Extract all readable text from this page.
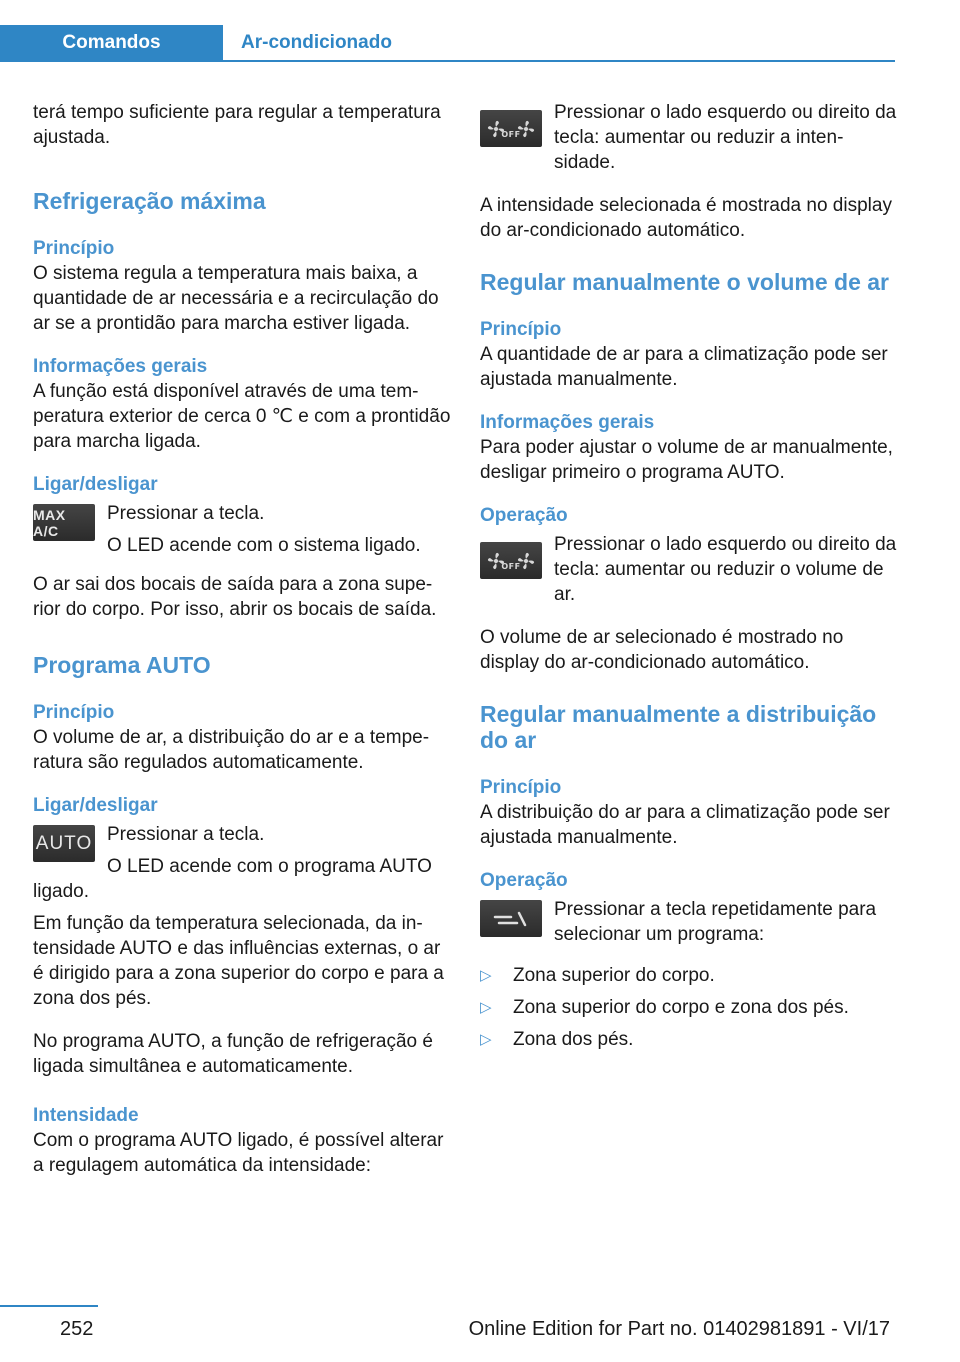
Comandos	Ar-condicionado

terá tempo suficiente para regular a temperatura ajustada.

Refrigeração máxima
Princípio

O sistema regula a temperatura mais baixa, a quantidade de ar necessária e a recirculação do ar se a prontidão para marcha estiver ligada.

Informações gerais

A função está disponível através de uma temperatura exterior de cerca 0 ℃ e com a prontidão para marcha ligada.

Ligar/desligar
MAX A/C

Pressionar a tecla.

O LED acende com o sistema ligado.

O ar sai dos bocais de saída para a zona superior do corpo. Por isso, abrir os bocais de saída.

Programa AUTO
Princípio

O volume de ar, a distribuição do ar e a temperatura são regulados automaticamente.

Ligar/desligar
AUTO Pressionar a tecla.

O LED acende com o programa AUTO ligado.

Em função da temperatura selecionada, da intensidade AUTO e das influências externas, o ar é dirigido para a zona superior do corpo e para a zona dos pés.

No programa AUTO, a função de refrigeração é ligada simultânea e automaticamente.

Intensidade

Com o programa AUTO ligado, é possível alterar a regulagem automática da intensidade:

OFF

Pressionar o lado esquerdo ou direito da tecla: aumentar ou reduzir a intensidade.

A intensidade selecionada é mostrada no display do ar-condicionado automático.

Regular manualmente o volume de ar
Princípio

A quantidade de ar para a climatização pode ser ajustada manualmente.

Informações gerais

Para poder ajustar o volume de ar manualmente, desligar primeiro o programa AUTO.

Operação
OFF

Pressionar o lado esquerdo ou direito da tecla: aumentar ou reduzir o volume de ar.

O volume de ar selecionado é mostrado no display do ar-condicionado automático.

Regular manualmente a distribuição do ar
Princípio

A distribuição do ar para a climatização pode ser ajustada manualmente.

Operação

Pressionar a tecla repetidamente para selecionar um programa:

▷ Zona superior do corpo.
▷ Zona superior do corpo e zona dos pés.
▷ Zona dos pés.
252	Online Edition for Part no. 01402981891 - VI/17
